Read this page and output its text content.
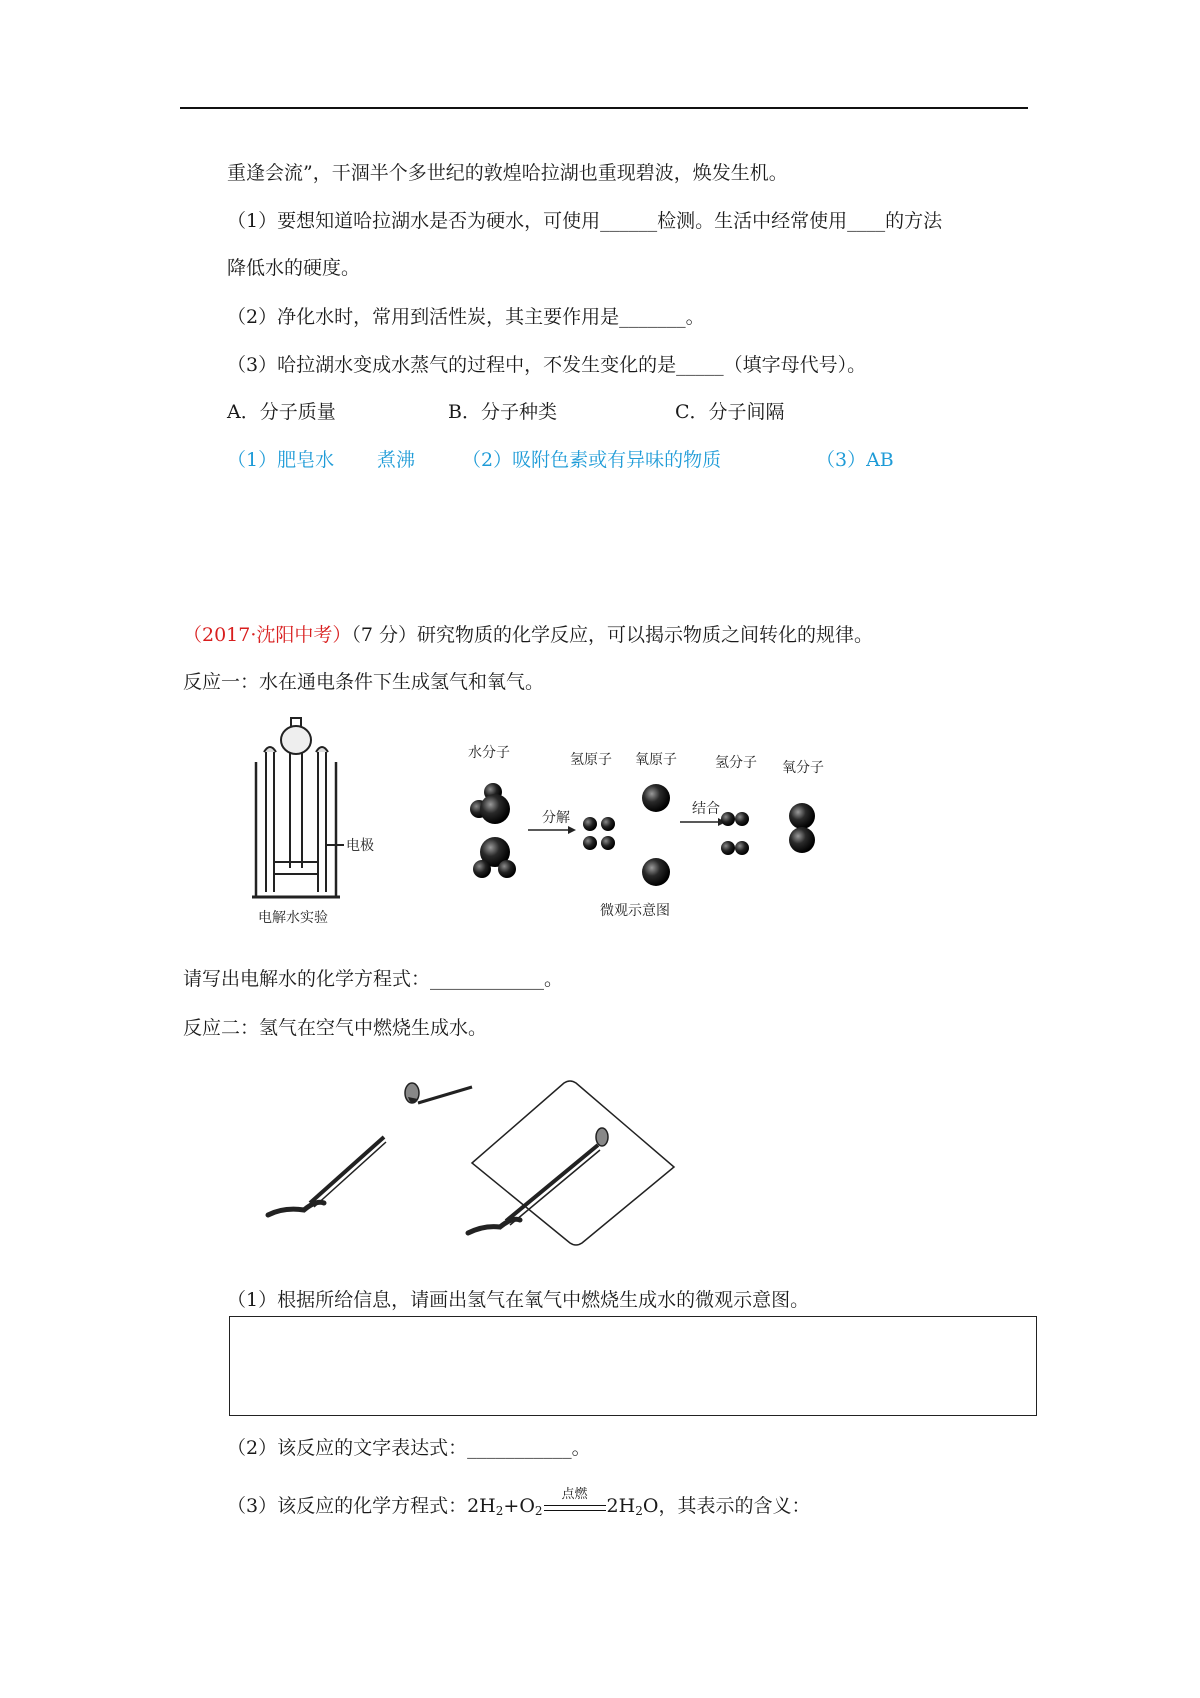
重逢会流”，干涸半个多世纪的敦煌哈拉湖也重现碧波，焕发生机。
（1）要想知道哈拉湖水是否为硬水，可使用______检测。生活中经常使用____的方法
降低水的硬度。
（2）净化水时，常用到活性炭，其主要作用是_______。
（3）哈拉湖水变成水蒸气的过程中，不发生变化的是_____（填字母代号）。
A．分子质量	B．分子种类	C．分子间隔
（1）肥皂水 煮沸 （2）吸附色素或有异味的物质	（3）AB
（2017·沈阳中考）（7 分）研究物质的化学反应，可以揭示物质之间转化的规律。
反应一：水在通电条件下生成氢气和氧气。
电极
电解水实验
水分子	氢原子 氧原子	氢分子 氧分子
分解
结合
微观示意图
请写出电解水的化学方程式：____________。
反应二：氢气在空气中燃烧生成水。
（1）根据所给信息，请画出氢气在氧气中燃烧生成水的微观示意图。
（2）该反应的文字表达式：___________。
（3）该反应的化学方程式：$2H_2+O_2$
点燃
$2H_2O$，其表示的含义：
